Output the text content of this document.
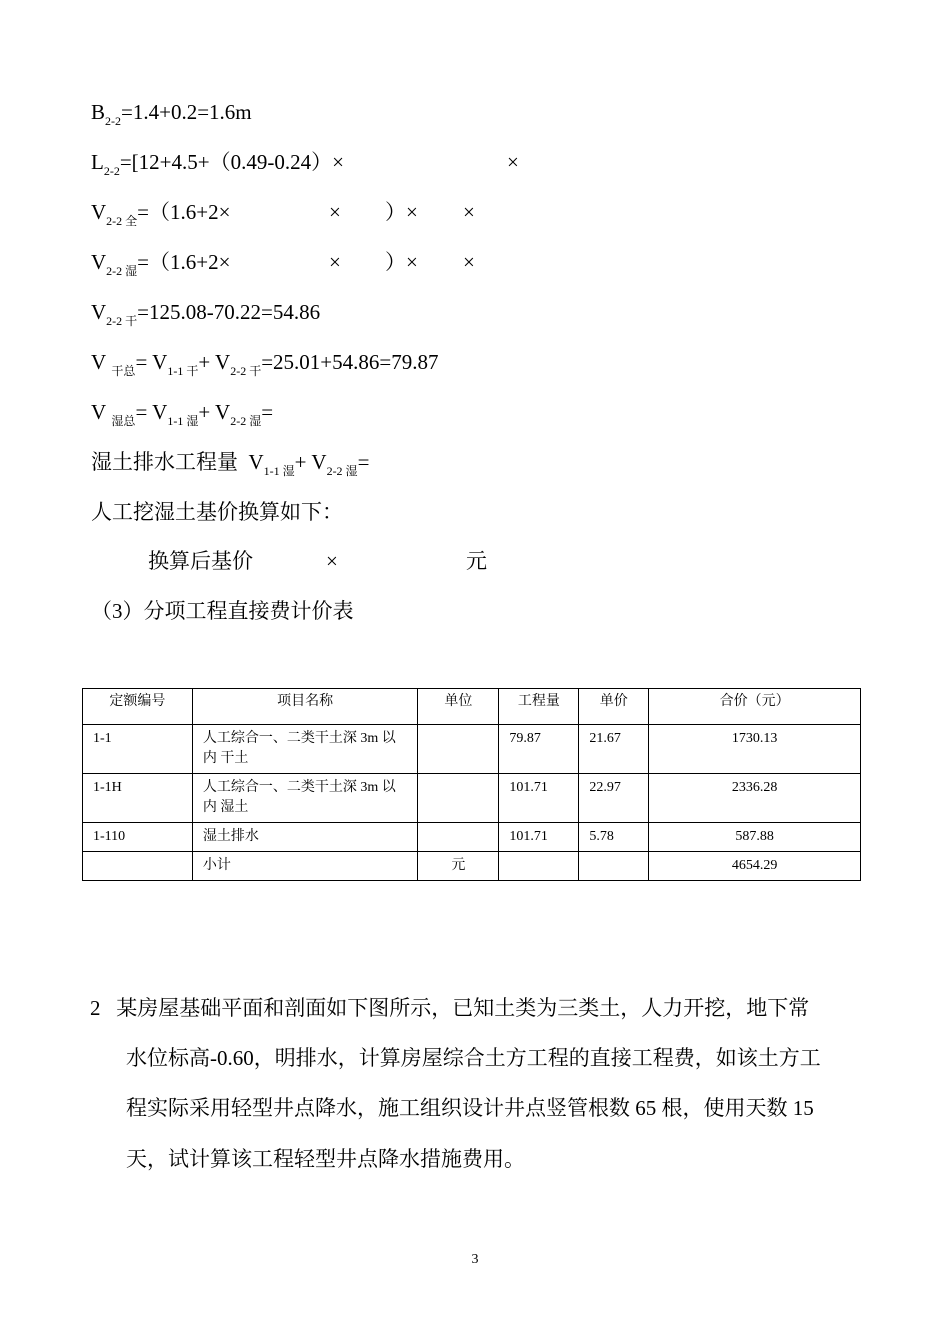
$B_{2-2}=1.4+0.2=1.6m$
$L_{2-2}=[12+4.5+(0.49-0.24)\times$	×
$V_{2-2 全}=(1.6+2\times$	× ）× ×
$V_{2-2 湿}=(1.6+2\times$	× ）× ×
$V_{2-2 干}=125.08-70.22=54.86$
V $_{干总}= V_{1-1 干}+ V_{2-2 干}=25.01+54.86=79.87$
V $_{湿总}= V_{1-1 湿}+ V_{2-2 湿}=$
湿土排水工程量 $V_{1-1 湿}+ V_{2-2 湿}=$
人工挖湿土基价换算如下：
换算后基价	×	元
（3）分项工程直接费计价表
定额编号	项目名称	单位	工程量	单价	合价（元）
1-1	人工综合一、二类干土深 3m 以内 干土		79.87	21.67	1730.13
1-1H	人工综合一、二类干土深 3m 以内 湿土		101.71	22.97	2336.28
1-110	湿土排水		101.71	5.78	587.88
	小计	元			4654.29
2 某房屋基础平面和剖面如下图所示，已知土类为三类土，人力开挖，地下常
水位标高-0.60，明排水，计算房屋综合土方工程的直接工程费，如该土方工
程实际采用轻型井点降水，施工组织设计井点竖管根数 65 根，使用天数 15
天，试计算该工程轻型井点降水措施费用。
3
